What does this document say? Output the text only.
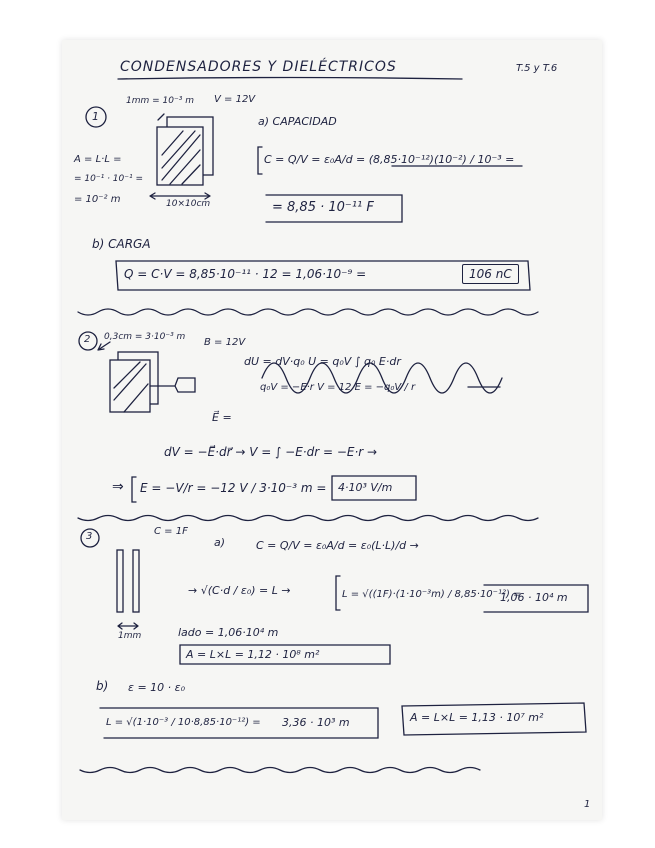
CONDENSADORES Y DIELÉCTRICOS	T.5 y T.6
1
1mm = 10⁻³ m V = 12V
10×10cm
A = L·L =
= 10⁻¹ · 10⁻¹ =
= 10⁻² m
a) CAPACIDAD
C = Q/V = ε₀A/d = (8,85·10⁻¹²)(10⁻²) / 10⁻³ =
= 8,85 · 10⁻¹¹ F
b) CARGA
Q = C·V = 8,85·10⁻¹¹ · 12 = 1,06·10⁻⁹ =	106 nC
2 0,3cm = 3·10⁻³ m B = 12V
dU = dV·q₀ U = q₀V ∫ q₀ E·dr
q₀V = −E·r V = 12 E = −q₀V / r
E⃗ =
dV = −E⃗·dr⃗ → V = ∫ −E·dr = −E·r →
⇒ E = −V/r = −12 V / 3·10⁻³ m = 4·10³ V/m
3	C = 1F
1mm
a)	C = Q/V = ε₀A/d = ε₀(L·L)/d →
→ √(C·d / ε₀) = L →	L = √((1F)·(1·10⁻³m) / 8,85·10⁻¹²) =
1,06 · 10⁴ m
lado = 1,06·10⁴ m
A = L×L = 1,12 · 10⁸ m²
b) ε = 10 · ε₀
L = √(1·10⁻³ / 10·8,85·10⁻¹²) = 3,36 · 10³ m	A = L×L = 1,13 · 10⁷ m²
1
